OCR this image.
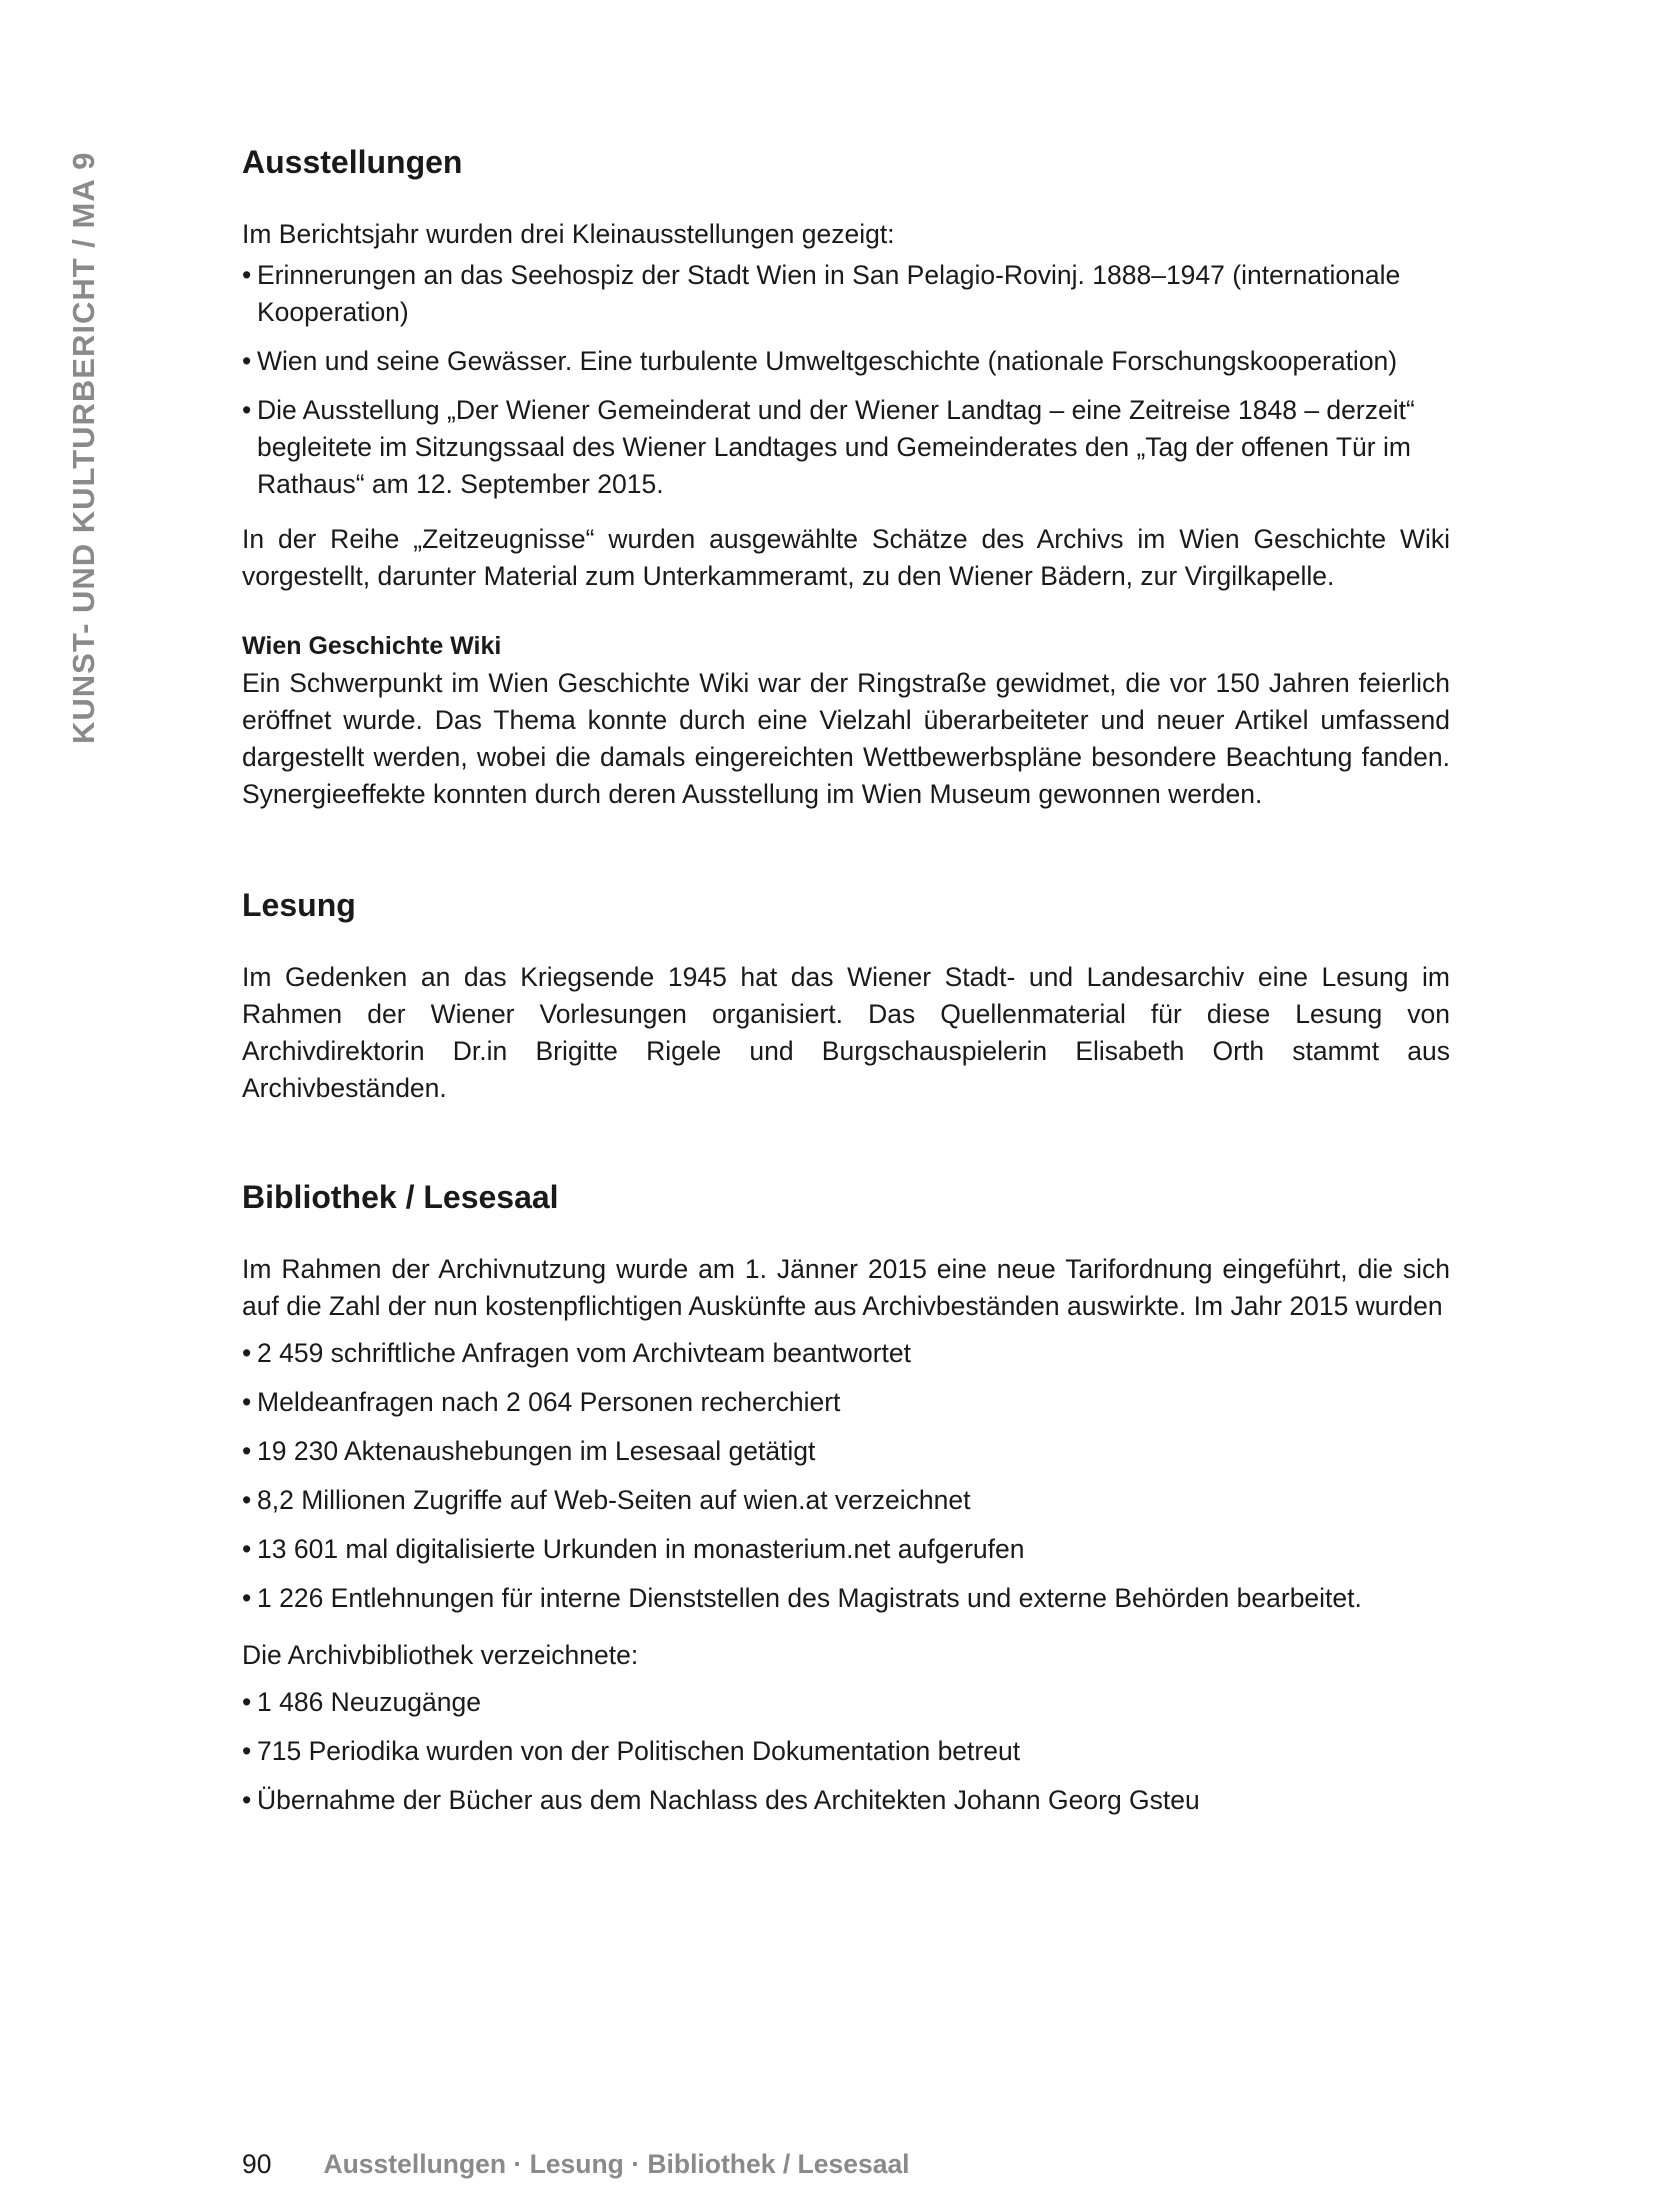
KUNST- UND KULTURBERICHT / MA 9	Ausstellungen

Im Berichtsjahr wurden drei Kleinausstellungen gezeigt:

• Erinnerungen an das Seehospiz der Stadt Wien in San Pelagio-Rovinj. 1888–1947 (internationale Kooperation)
• Wien und seine Gewässer. Eine turbulente Umweltgeschichte (nationale Forschungskooperation)
• Die Ausstellung „Der Wiener Gemeinderat und der Wiener Landtag – eine Zeitreise 1848 – derzeit“ begleitete im Sitzungssaal des Wiener Landtages und Gemeinderates den „Tag der offenen Tür im Rathaus“ am 12. September 2015.

In der Reihe „Zeitzeugnisse“ wurden ausgewählte Schätze des Archivs im Wien Geschichte Wiki vorgestellt, darunter Material zum Unterkammeramt, zu den Wiener Bädern, zur Virgilkapelle.

Wien Geschichte Wiki

Ein Schwerpunkt im Wien Geschichte Wiki war der Ringstraße gewidmet, die vor 150 Jahren feierlich eröffnet wurde. Das Thema konnte durch eine Vielzahl überarbeiteter und neuer Artikel umfassend dargestellt werden, wobei die damals eingereichten Wettbewerbspläne besondere Beachtung fanden. Synergieeffekte konnten durch deren Ausstellung im Wien Museum gewonnen werden.

Lesung

Im Gedenken an das Kriegsende 1945 hat das Wiener Stadt- und Landesarchiv eine Lesung im Rahmen der Wiener Vorlesungen organisiert. Das Quellenmaterial für diese Lesung von Archivdirektorin Dr.in Brigitte Rigele und Burgschauspielerin Elisabeth Orth stammt aus Archivbeständen.

Bibliothek / Lesesaal

Im Rahmen der Archivnutzung wurde am 1. Jänner 2015 eine neue Tarifordnung eingeführt, die sich auf die Zahl der nun kostenpflichtigen Auskünfte aus Archivbeständen auswirkte. Im Jahr 2015 wurden

• 2 459 schriftliche Anfragen vom Archivteam beantwortet
• Meldeanfragen nach 2 064 Personen recherchiert
• 19 230 Aktenaushebungen im Lesesaal getätigt
• 8,2 Millionen Zugriffe auf Web-Seiten auf wien.at verzeichnet
• 13 601 mal digitalisierte Urkunden in monasterium.net aufgerufen
• 1 226 Entlehnungen für interne Dienststellen des Magistrats und externe Behörden bearbeitet.

Die Archivbibliothek verzeichnete:

• 1 486 Neuzugänge
• 715 Periodika wurden von der Politischen Dokumentation betreut
• Übernahme der Bücher aus dem Nachlass des Architekten Johann Georg Gsteu
90 Ausstellungen · Lesung · Bibliothek / Lesesaal
